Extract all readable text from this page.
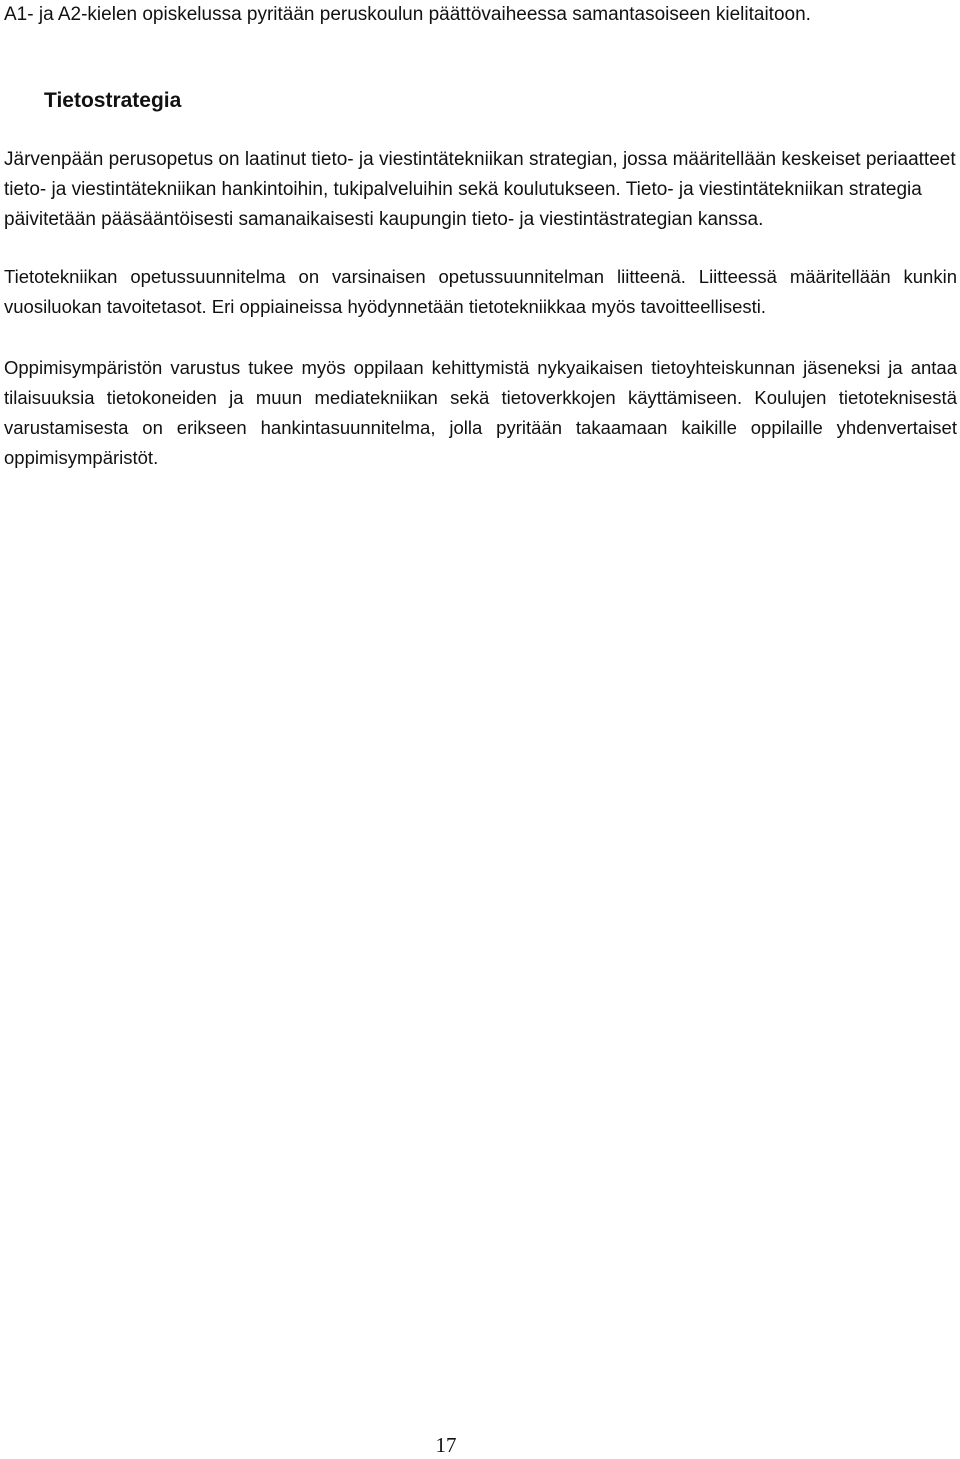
A1- ja A2-kielen opiskelussa pyritään peruskoulun päättövaiheessa samantasoiseen kielitaitoon.

Tietostrategia

Järvenpään perusopetus on laatinut tieto- ja viestintätekniikan strategian, jossa määritellään keskeiset periaatteet tieto- ja viestintätekniikan hankintoihin, tukipalveluihin sekä koulutukseen. Tieto- ja viestintätekniikan strategia päivitetään pääsääntöisesti samanaikaisesti kaupungin tieto- ja viestintästrategian kanssa.

Tietotekniikan opetussuunnitelma on varsinaisen opetussuunnitelman liitteenä. Liitteessä määritellään kunkin vuosiluokan tavoitetasot. Eri oppiaineissa hyödynnetään tietotekniikkaa myös tavoitteellisesti.

Oppimisympäristön varustus tukee myös oppilaan kehittymistä nykyaikaisen tietoyhteiskunnan jäseneksi ja antaa tilaisuuksia tietokoneiden ja muun mediatekniikan sekä tietoverkkojen käyttämiseen. Koulujen tietoteknisestä varustamisesta on erikseen hankintasuunnitelma, jolla pyritään takaamaan kaikille oppilaille yhdenvertaiset oppimisympäristöt.

17
